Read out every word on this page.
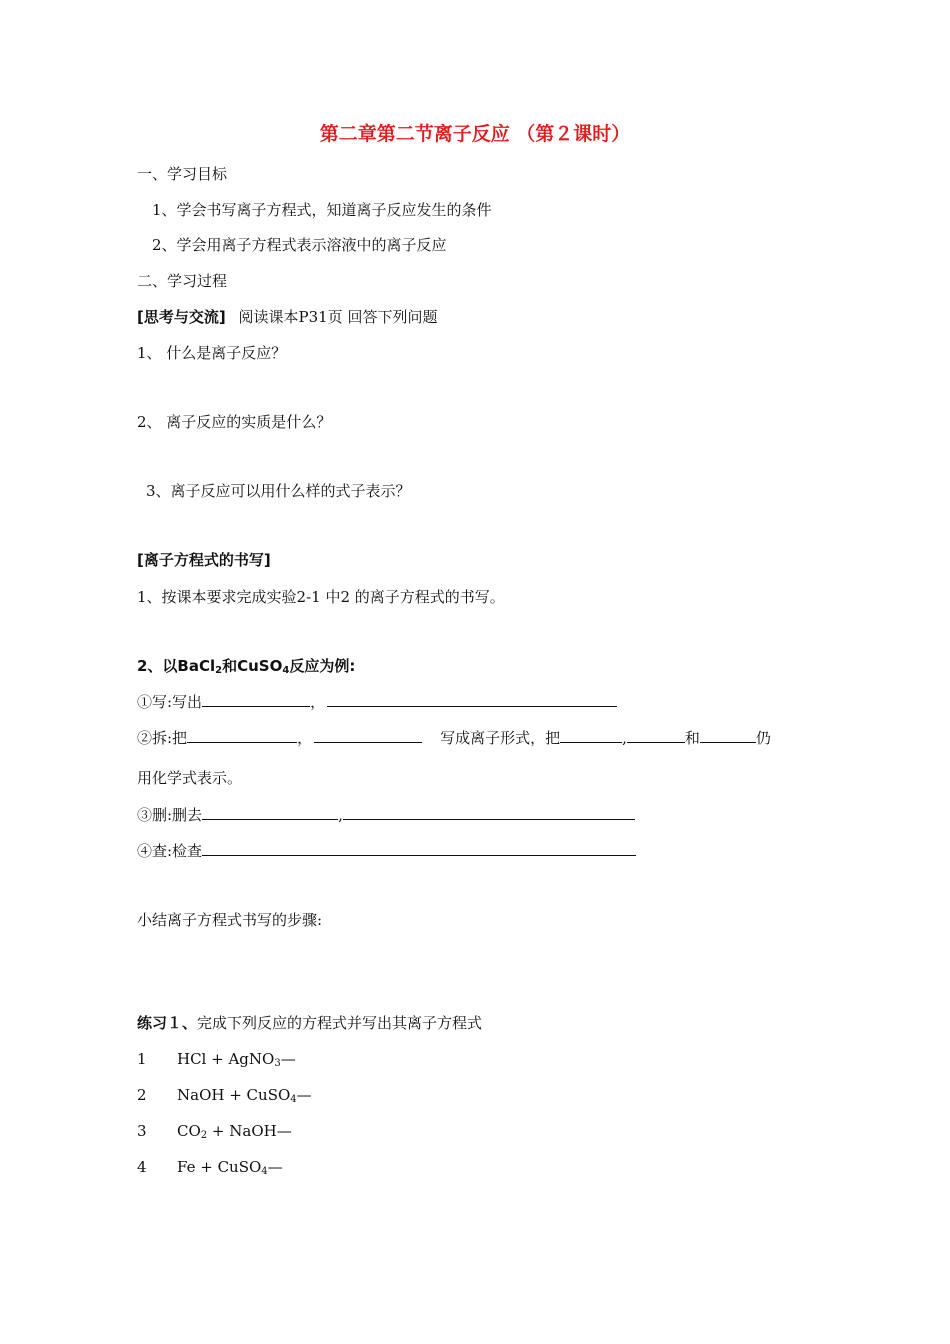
第二章第二节离子反应 （第２课时）
一、学习目标
1、学会书写离子方程式，知道离子反应发生的条件
2、学会用离子方程式表示溶液中的离子反应
二、学习过程
[思考与交流] 阅读课本P31页 回答下列问题
1、 什么是离子反应？
2、 离子反应的实质是什么？
3、离子反应可以用什么样的式子表示？
[离子方程式的书写]
1、按课本要求完成实验2-1 中2 的离子方程式的书写。
2、以BaCl$_2$和CuSO$_4$反应为例:
①写:写出	，
②拆:把	，	写成离子形式，把	,	和	仍
用化学式表示。
③删:删去	,
④查:检查
小结离子方程式书写的步骤:
练习１、完成下列反应的方程式并写出其离子方程式
1 HCl + AgNO$_3$—
2 NaOH + CuSO$_4$—
3 $CO_2$ + NaOH—
4 Fe + CuSO$_4$—
